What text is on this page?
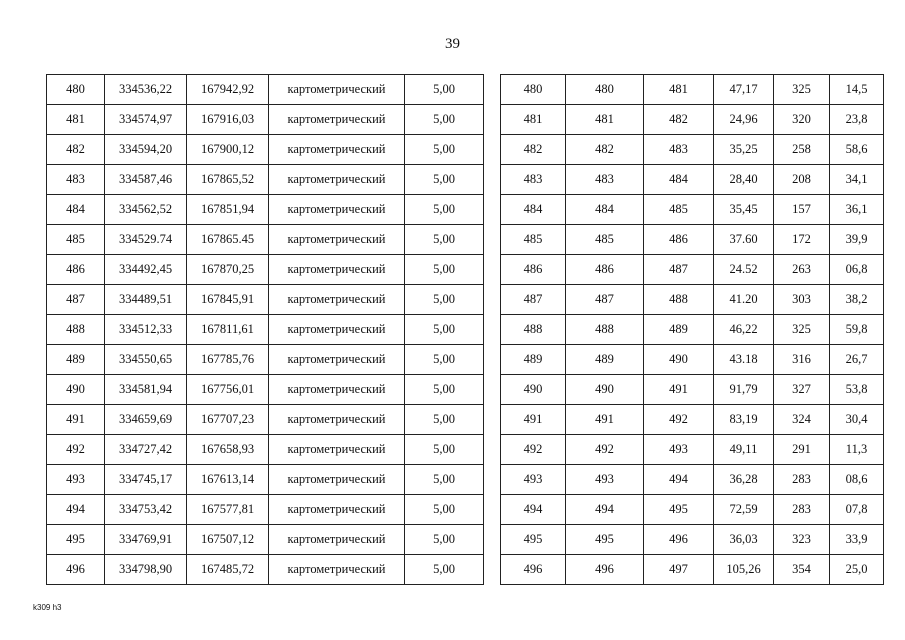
39
480	334536,22	167942,92	картометрический	5,00
481	334574,97	167916,03	картометрический	5,00
482	334594,20	167900,12	картометрический	5,00
483	334587,46	167865,52	картометрический	5,00
484	334562,52	167851,94	картометрический	5,00
485	334529.74	167865.45	картометрический	5,00
486	334492,45	167870,25	картометрический	5,00
487	334489,51	167845,91	картометрический	5,00
488	334512,33	167811,61	картометрический	5,00
489	334550,65	167785,76	картометрический	5,00
490	334581,94	167756,01	картометрический	5,00
491	334659,69	167707,23	картометрический	5,00
492	334727,42	167658,93	картометрический	5,00
493	334745,17	167613,14	картометрический	5,00
494	334753,42	167577,81	картометрический	5,00
495	334769,91	167507,12	картометрический	5,00
496	334798,90	167485,72	картометрический	5,00
480	480	481	47,17	325	14,5
481	481	482	24,96	320	23,8
482	482	483	35,25	258	58,6
483	483	484	28,40	208	34,1
484	484	485	35,45	157	36,1
485	485	486	37.60	172	39,9
486	486	487	24.52	263	06,8
487	487	488	41.20	303	38,2
488	488	489	46,22	325	59,8
489	489	490	43.18	316	26,7
490	490	491	91,79	327	53,8
491	491	492	83,19	324	30,4
492	492	493	49,11	291	11,3
493	493	494	36,28	283	08,6
494	494	495	72,59	283	07,8
495	495	496	36,03	323	33,9
496	496	497	105,26	354	25,0
k309 h3
